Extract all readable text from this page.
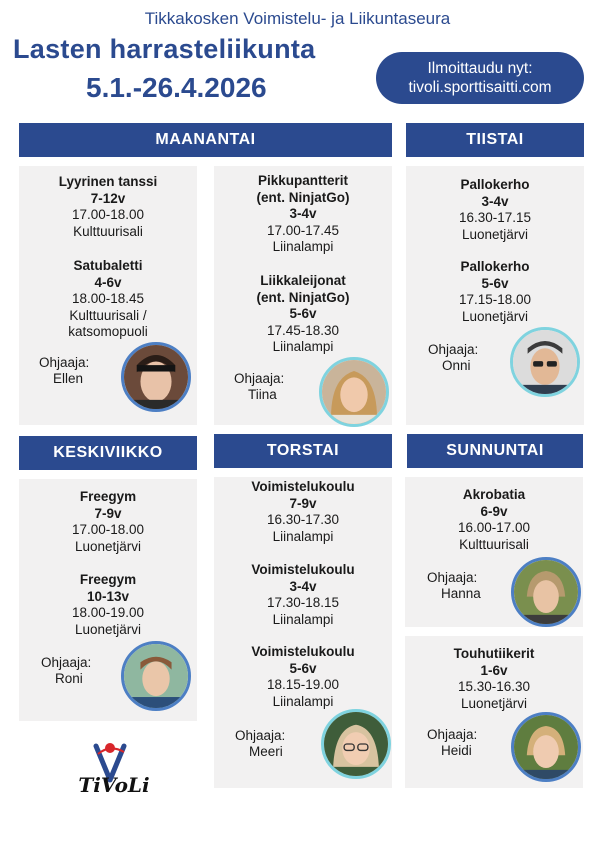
Tikkakosken Voimistelu- ja Liikuntaseura
Lasten harrasteliikunta
5.1.-26.4.2026
Ilmoittaudu nyt:
tivoli.sporttisaitti.com
MAANANTAI	TIISTAI
KESKIVIIKKO	TORSTAI	SUNNUNTAI
Lyyrinen tanssi
7-12v
17.00-18.00
Kulttuurisali
Satubaletti
4-6v
18.00-18.45
Kulttuurisali /
katsomopuoli
Ohjaaja:
Ellen
Pikkupantterit
(ent. NinjatGo)
3-4v
17.00-17.45
Liinalampi
Liikkaleijonat
(ent. NinjatGo)
5-6v
17.45-18.30
Liinalampi
Ohjaaja:
Tiina
Pallokerho
3-4v
16.30-17.15
Luonetjärvi
Pallokerho
5-6v
17.15-18.00
Luonetjärvi
Ohjaaja:
Onni
Freegym
7-9v
17.00-18.00
Luonetjärvi
Freegym
10-13v
18.00-19.00
Luonetjärvi
Ohjaaja:
Roni
Voimistelukoulu
7-9v
16.30-17.30
Liinalampi
Voimistelukoulu
3-4v
17.30-18.15
Liinalampi
Voimistelukoulu
5-6v
18.15-19.00
Liinalampi
Ohjaaja:
Meeri
Akrobatia
6-9v
16.00-17.00
Kulttuurisali
Ohjaaja:
Hanna
Touhutiikerit
1-6v
15.30-16.30
Luonetjärvi
Ohjaaja:
Heidi
TiVoLi
